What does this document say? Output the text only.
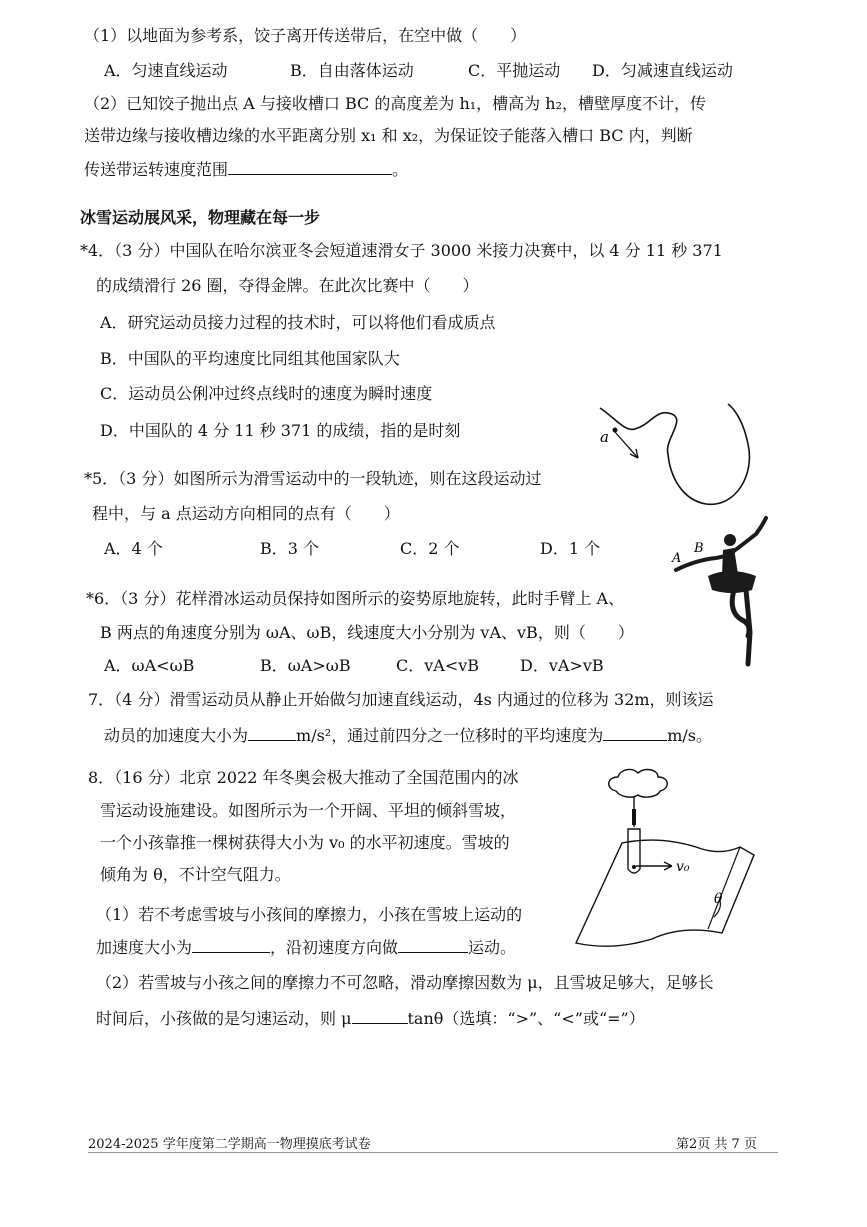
（1）以地面为参考系，饺子离开传送带后，在空中做（　　）
A．匀速直线运动	B．自由落体运动	C．平抛运动	D．匀减速直线运动
（2）已知饺子抛出点 A 与接收槽口 BC 的高度差为 h₁，槽高为 h₂，槽壁厚度不计，传
送带边缘与接收槽边缘的水平距离分别 x₁ 和 x₂，为保证饺子能落入槽口 BC 内，判断
传送带运转速度范围	。
冰雪运动展风采，物理藏在每一步
*4．（3 分）中国队在哈尔滨亚冬会短道速滑女子 3000 米接力决赛中，以 4 分 11 秒 371
的成绩滑行 26 圈，夺得金牌。在此次比赛中（　　）
A．研究运动员接力过程的技术时，可以将他们看成质点
B．中国队的平均速度比同组其他国家队大
C．运动员公俐冲过终点线时的速度为瞬时速度
D．中国队的 4 分 11 秒 371 的成绩，指的是时刻	a
*5．（3 分）如图所示为滑雪运动中的一段轨迹，则在这段运动过
程中，与 a 点运动方向相同的点有（　　）
A．4 个	B．3 个	C．2 个	D．1 个
A
B
*6．（3 分）花样滑冰运动员保持如图所示的姿势原地旋转，此时手臂上 A、
B 两点的角速度分别为 ωA、ωB，线速度大小分别为 vA、vB，则（　　）
A．ωA<ωB	B．ωA>ωB	C．vA<vB	D．vA>vB
7．（4 分）滑雪运动员从静止开始做匀加速直线运动，4s 内通过的位移为 32m，则该运
动员的加速度大小为	m/s²，通过前四分之一位移时的平均速度为	m/s。
8．（16 分）北京 2022 年冬奥会极大推动了全国范围内的冰
雪运动设施建设。如图所示为一个开阔、平坦的倾斜雪坡，
一个小孩靠推一棵树获得大小为 v₀ 的水平初速度。雪坡的
倾角为 θ，不计空气阻力。	v₀
θ
（1）若不考虑雪坡与小孩间的摩擦力，小孩在雪坡上运动的
加速度大小为	，沿初速度方向做	运动。
（2）若雪坡与小孩之间的摩擦力不可忽略，滑动摩擦因数为 μ，且雪坡足够大，足够长
时间后，小孩做的是匀速运动，则 μ	tanθ（选填：“>”、“<”或“=”）
2024-2025 学年度第二学期高一物理摸底考试卷	第2页 共 7 页
